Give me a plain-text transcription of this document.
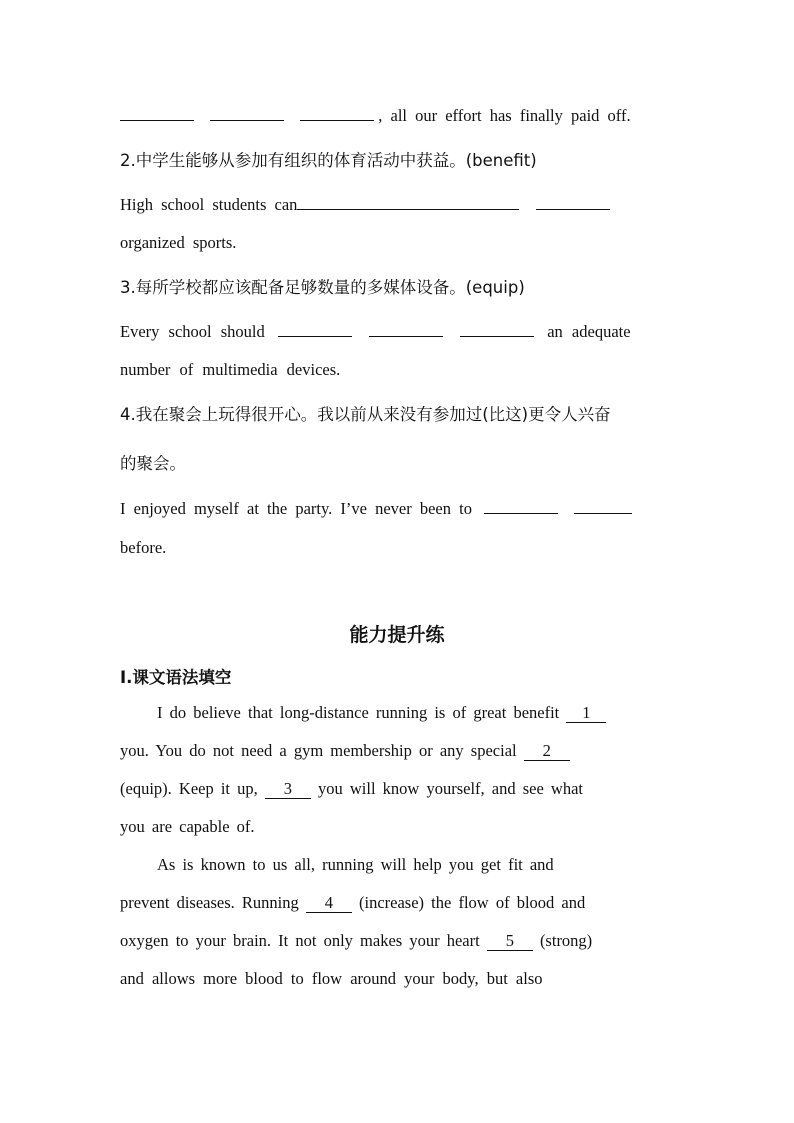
, all our effort has finally paid off.
2.中学生能够从参加有组织的体育活动中获益。(benefit)
High school students can
organized sports.
3.每所学校都应该配备足够数量的多媒体设备。(equip)
Every school should	an adequate
number of multimedia devices.
4.我在聚会上玩得很开心。我以前从来没有参加过(比这)更令人兴奋
的聚会。
I enjoyed myself at the party. I’ve never been to
before.
能力提升练
Ⅰ.课文语法填空
I do believe that long-distance running is of great benefit 1
you. You do not need a gym membership or any special 2
(equip). Keep it up, 3 you will know yourself, and see what
you are capable of.
As is known to us all, running will help you get fit and
prevent diseases. Running 4 (increase) the flow of blood and
oxygen to your brain. It not only makes your heart 5 (strong)
and allows more blood to flow around your body, but also
